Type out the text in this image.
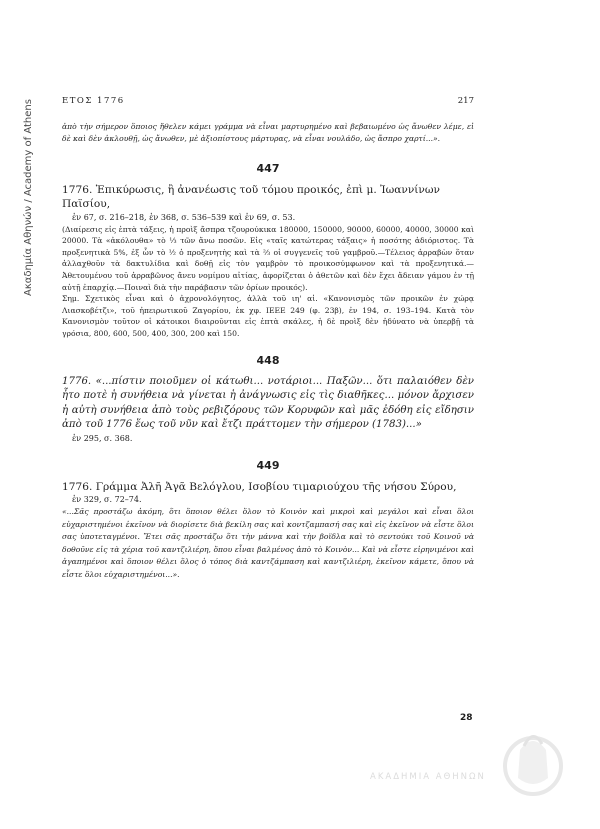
Ακαδημία Αθηνών / Academy of Athens	ΕΤΟΣ 1776	217
ἀπὸ τὴν σήμερον ὅποιος ἤθελεν κάμει γράμμα νὰ εἶναι μαρτυρημένο καὶ βεβαιωμένο ὡς ἄνωθεν λέμε, εἰ δὲ καὶ δὲν ἀκλουθῇ, ὡς ἄνωθεν, μὲ ἀξιοπίστους μάρτυρας, νὰ εἶναι νουλάδο, ὡς ἄσπρο χαρτί...».
447
1776. Ἐπικύρωσις, ἢ ἀνανέωσις τοῦ τόμου προικός, ἐπὶ μ. Ἰωαννίνων Παϊσίου,
ἐν 67, σ. 216–218, ἐν 368, σ. 536–539 καὶ ἐν 69, σ. 53.
(Διαίρεσις εἰς ἑπτὰ τάξεις, ἡ προὶξ ἄσπρα τζουρούκικα 180000, 150000, 90000, 60000, 40000, 30000 καὶ 20000. Τὰ «ἀκόλουθα» τὸ ⅓ τῶν ἄνω ποσῶν. Εἰς «ταῖς κατώτερας τάξαις» ἡ ποσότης ἀδιόριστος. Τὰ προξενητικὰ 5%, ἐξ ὧν τὸ ½ ὁ προξενητὴς καὶ τὰ ⅔ οἱ συγγενεῖς τοῦ γαμβροῦ.—Τέλειος ἀρραβὼν ὅταν ἀλλαχθοῦν τὰ δακτυλίδια καὶ δοθῇ εἰς τὸν γαμβρὸν τὸ προικοσύμφωνον καὶ τὰ προξενητικά.— Ἀθετουμένου τοῦ ἀρραβῶνος ἄνευ νομίμου αἰτίας, ἀφορίζεται ὁ ἀθετῶν καὶ δὲν ἔχει ἄδειαν γάμου ἐν τῇ αὐτῇ ἐπαρχίᾳ.—Ποιναὶ διὰ τὴν παράβασιν τῶν ὁρίων προικός).
Σημ. Σχετικὸς εἶναι καὶ ὁ ἀχρονολόγητος, ἀλλὰ τοῦ ιη' αἰ. «Κανονισμὸς τῶν προικῶν ἐν χώρᾳ Λιασκοβέτζι», τοῦ ἠπειρωτικοῦ Ζαγορίου, ἐκ χφ. ΙΕΕΕ 249 (φ. 23β), ἐν 194, σ. 193–194. Κατὰ τὸν Κανονισμὸν τοῦτον οἱ κάτοικοι διαιροῦνται εἰς ἑπτὰ σκάλες, ἡ δὲ προὶξ δὲν ἠδύνατο νὰ ὑπερβῇ τὰ γρόσια, 800, 600, 500, 400, 300, 200 καὶ 150.
448
1776. «...πίστιν ποιοῦμεν οἱ κάτωθι... νοτάριοι... Παξῶν... ὅτι παλαιόθεν δὲν ἦτο ποτὲ ἡ συνήθεια νὰ γίνεται ἡ ἀνάγνωσις εἰς τὶς διαθῆκες... μόνον ἄρχισεν ἡ αὐτὴ συνήθεια ἀπὸ τοὺς ρεβιζόρους τῶν Κορυφῶν καὶ μᾶς ἐδόθη εἰς εἴδησιν ἀπὸ τοῦ 1776 ἕως τοῦ νῦν καὶ ἔτζι πράττομεν τὴν σήμερον (1783)...»
ἐν 295, σ. 368.
449
1776. Γράμμα Ἀλῆ Ἀγᾶ Βελόγλου, Ισοβίου τιμαριούχου τῆς νήσου Σύρου,
ἐν 329, σ. 72–74.
«...Σᾶς προστάζω ἀκόμη, ὅτι ὅποιον θέλει ὅλον τὸ Κοινὸν καὶ μικροὶ καὶ μεγάλοι καὶ εἶναι ὅλοι εὐχαριστημένοι ἐκεῖνον νὰ διορίσετε διὰ βεκίλη σας καὶ κοντζαμπασή σας καὶ εἰς ἐκεῖνον νὰ εἶστε ὅλοι σας ὑποτεταγμένοι. Ἔτει σᾶς προστάζω ὅτι τὴν μάννα καὶ τὴν βοϊδλα καὶ τὸ σεντούκι τοῦ Κοινοῦ νὰ δοθοῦνε εἰς τὰ χέρια τοῦ καντζιλιέρη, ὅπου εἶναι βαλμένος ἀπὸ τὸ Κοινὸν... Καὶ νὰ εἶστε εἰρηνιμένοι καὶ ἀγαπημένοι καὶ ὅποιον θέλει ὅλος ὁ τόπος διὰ καντζάμπαση καὶ καντζιλιέρη, ἐκεῖνον κάμετε, ὅπου νὰ εἶστε ὅλοι εὐχαριστημένοι...».
28
ΑΚΑΔΗΜΙΑ ΑΘΗΝΩΝ
